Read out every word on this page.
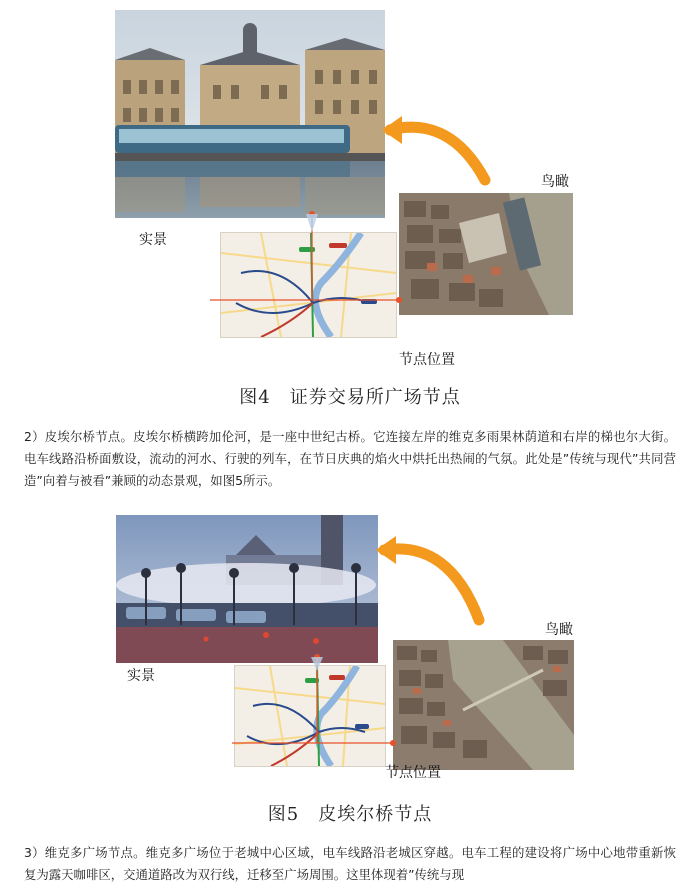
实景
鸟瞰
节点位置
图4　证券交易所广场节点
2）皮埃尔桥节点。皮埃尔桥横跨加伦河，是一座中世纪古桥。它连接左岸的维克多雨果林荫道和右岸的梯也尔大街。电车线路沿桥面敷设，流动的河水、行驶的列车，在节日庆典的焰火中烘托出热闹的气氛。此处是”传统与现代”共同营造”向着与被看”兼顾的动态景观，如图5所示。
实景
鸟瞰
节点位置
图5　皮埃尔桥节点
3）维克多广场节点。维克多广场位于老城中心区域，电车线路沿老城区穿越。电车工程的建设将广场中心地带重新恢复为露天咖啡区，交通道路改为双行线，迁移至广场周围。这里体现着”传统与现
